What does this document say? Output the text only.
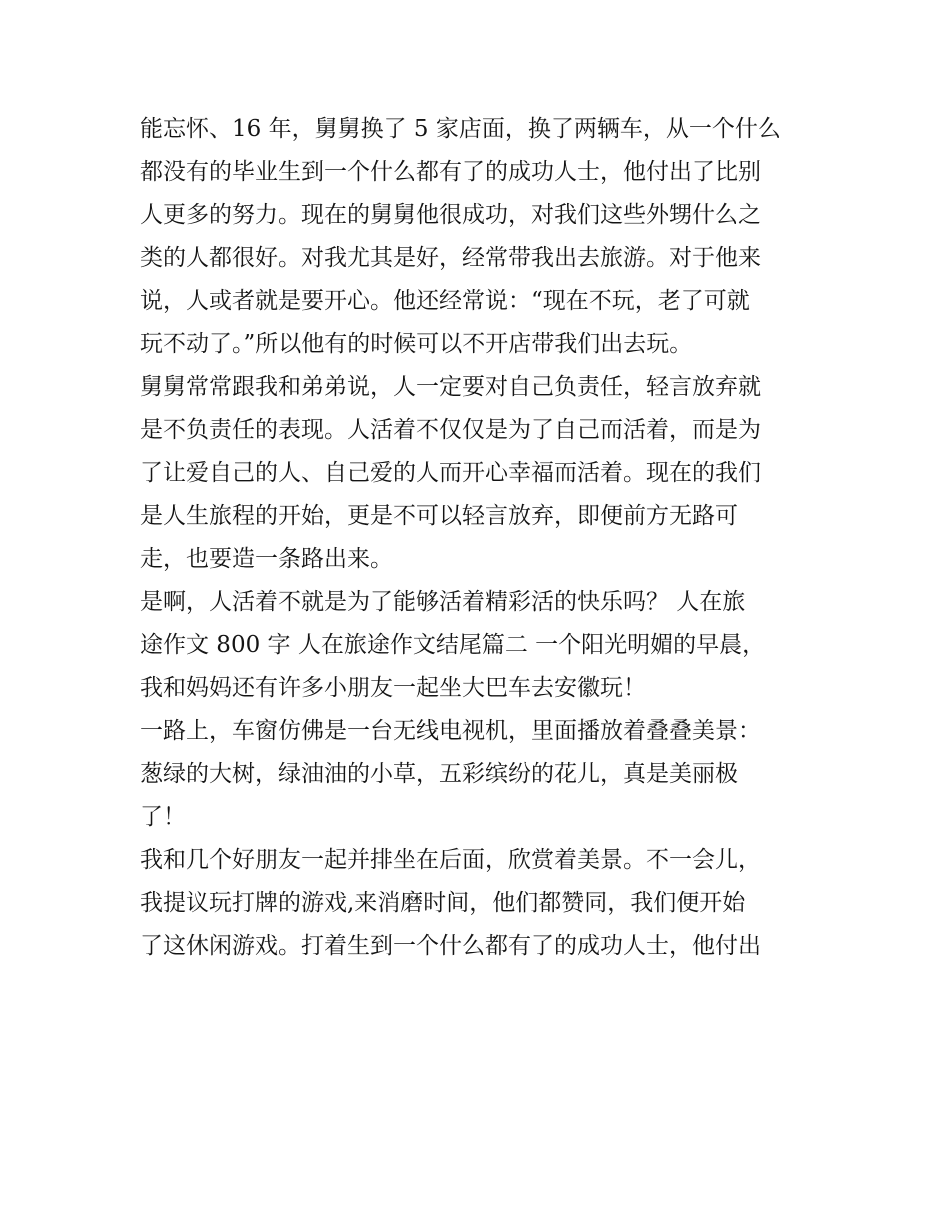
能忘怀、16 年，舅舅换了 5 家店面，换了两辆车，从一个什么
都没有的毕业生到一个什么都有了的成功人士，他付出了比别
人更多的努力。现在的舅舅他很成功，对我们这些外甥什么之
类的人都很好。对我尤其是好，经常带我出去旅游。对于他来
说，人或者就是要开心。他还经常说：“现在不玩，老了可就
玩不动了。”所以他有的时候可以不开店带我们出去玩。
舅舅常常跟我和弟弟说，人一定要对自己负责任，轻言放弃就
是不负责任的表现。人活着不仅仅是为了自己而活着，而是为
了让爱自己的人、自己爱的人而开心幸福而活着。现在的我们
是人生旅程的开始，更是不可以轻言放弃，即便前方无路可
走，也要造一条路出来。
是啊，人活着不就是为了能够活着精彩活的快乐吗？ 人在旅
途作文 800 字 人在旅途作文结尾篇二 一个阳光明媚的早晨，
我和妈妈还有许多小朋友一起坐大巴车去安徽玩！
一路上，车窗仿佛是一台无线电视机，里面播放着叠叠美景：
葱绿的大树，绿油油的小草，五彩缤纷的花儿，真是美丽极
了！
我和几个好朋友一起并排坐在后面，欣赏着美景。不一会儿，
我提议玩打牌的游戏,来消磨时间，他们都赞同，我们便开始
了这休闲游戏。打着生到一个什么都有了的成功人士，他付出
